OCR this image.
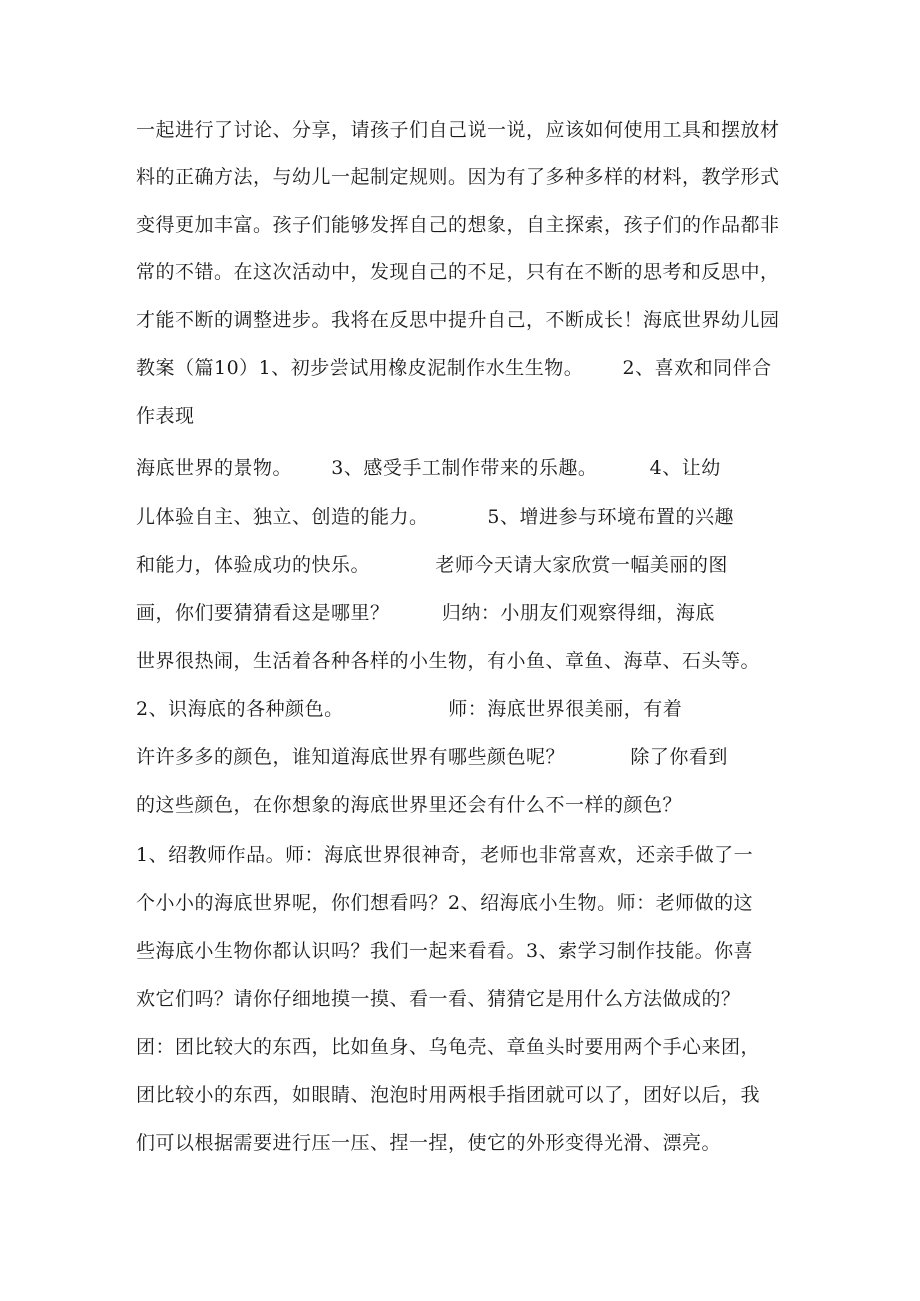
一起进行了讨论、分享，请孩子们自己说一说，应该如何使用工具和摆放材
料的正确方法，与幼儿一起制定规则。因为有了多种多样的材料，教学形式
变得更加丰富。孩子们能够发挥自己的想象，自主探索，孩子们的作品都非
常的不错。在这次活动中，发现自己的不足，只有在不断的思考和反思中，
才能不断的调整进步。我将在反思中提升自己，不断成长！海底世界幼儿园
教案（篇10）1、初步尝试用橡皮泥制作水生生物。      2、喜欢和同伴合
作表现
海底世界的景物。      3、感受手工制作带来的乐趣。        4、让幼
儿体验自主、独立、创造的能力。         5、增进参与环境布置的兴趣
和能力，体验成功的快乐。          老师今天请大家欣赏一幅美丽的图
画，你们要猜猜看这是哪里？        归纳：小朋友们观察得细，海底
世界很热闹，生活着各种各样的小生物，有小鱼、章鱼、海草、石头等。
2、识海底的各种颜色。                师：海底世界很美丽，有着
许许多多的颜色，谁知道海底世界有哪些颜色呢？          除了你看到
的这些颜色，在你想象的海底世界里还会有什么不一样的颜色？
1、绍教师作品。师：海底世界很神奇，老师也非常喜欢，还亲手做了一
个小小的海底世界呢，你们想看吗？2、绍海底小生物。师：老师做的这
些海底小生物你都认识吗？我们一起来看看。3、索学习制作技能。你喜
欢它们吗？请你仔细地摸一摸、看一看、猜猜它是用什么方法做成的？
团：团比较大的东西，比如鱼身、乌龟壳、章鱼头时要用两个手心来团，
团比较小的东西，如眼睛、泡泡时用两根手指团就可以了，团好以后，我
们可以根据需要进行压一压、捏一捏，使它的外形变得光滑、漂亮。
